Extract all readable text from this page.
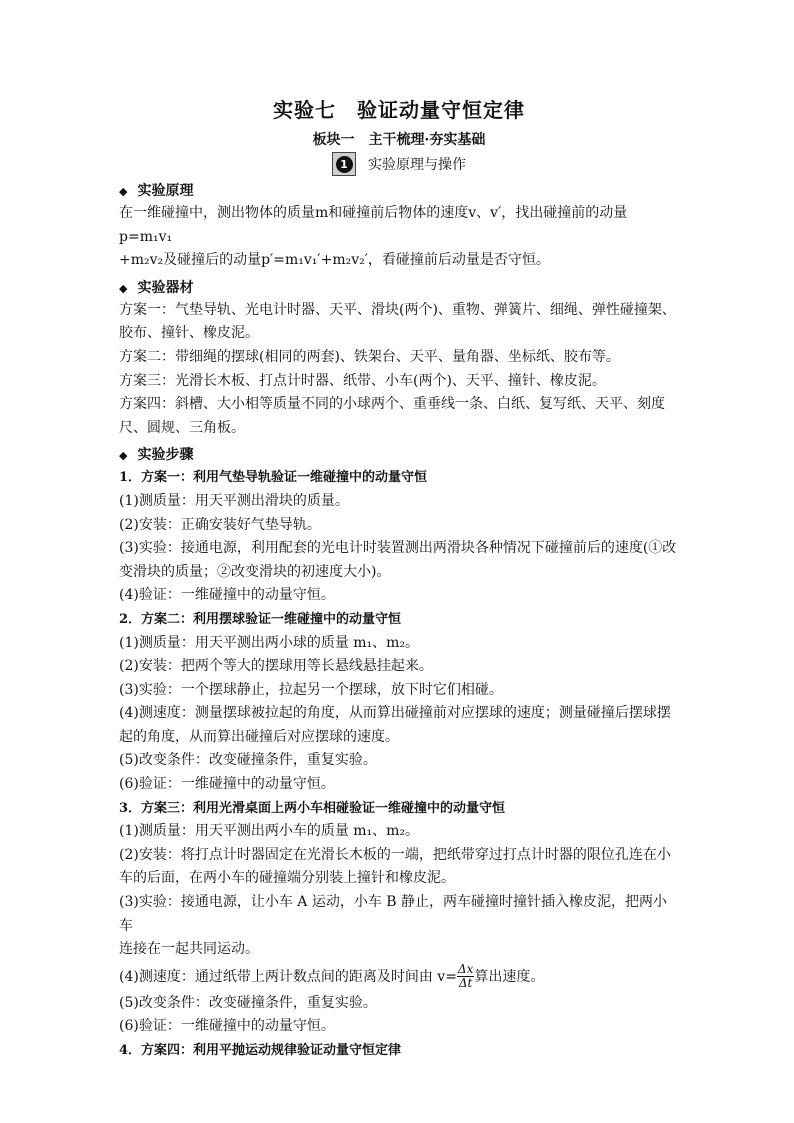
实验七　验证动量守恒定律
板块一　主干梳理·夯实基础
1	实验原理与操作
◆ 实验原理

在一维碰撞中，测出物体的质量m和碰撞前后物体的速度v、v′，找出碰撞前的动量p=m₁v₁

+m₂v₂及碰撞后的动量p′=m₁v₁′+m₂v₂′，看碰撞前后动量是否守恒。

◆ 实验器材

方案一：气垫导轨、光电计时器、天平、滑块(两个)、重物、弹簧片、细绳、弹性碰撞架、

胶布、撞针、橡皮泥。

方案二：带细绳的摆球(相同的两套)、铁架台、天平、量角器、坐标纸、胶布等。

方案三：光滑长木板、打点计时器、纸带、小车(两个)、天平、撞针、橡皮泥。

方案四：斜槽、大小相等质量不同的小球两个、重垂线一条、白纸、复写纸、天平、刻度

尺、圆规、三角板。

◆ 实验步骤

1．方案一：利用气垫导轨验证一维碰撞中的动量守恒

(1)测质量：用天平测出滑块的质量。

(2)安装：正确安装好气垫导轨。

(3)实验：接通电源，利用配套的光电计时装置测出两滑块各种情况下碰撞前后的速度(①改

变滑块的质量；②改变滑块的初速度大小)。

(4)验证：一维碰撞中的动量守恒。

2．方案二：利用摆球验证一维碰撞中的动量守恒

(1)测质量：用天平测出两小球的质量 m₁、m₂。

(2)安装：把两个等大的摆球用等长悬线悬挂起来。

(3)实验：一个摆球静止，拉起另一个摆球，放下时它们相碰。

(4)测速度：测量摆球被拉起的角度，从而算出碰撞前对应摆球的速度；测量碰撞后摆球摆

起的角度，从而算出碰撞后对应摆球的速度。

(5)改变条件：改变碰撞条件，重复实验。

(6)验证：一维碰撞中的动量守恒。

3．方案三：利用光滑桌面上两小车相碰验证一维碰撞中的动量守恒

(1)测质量：用天平测出两小车的质量 m₁、m₂。

(2)安装：将打点计时器固定在光滑长木板的一端，把纸带穿过打点计时器的限位孔连在小

车的后面，在两小车的碰撞端分别装上撞针和橡皮泥。

(3)实验：接通电源，让小车 A 运动，小车 B 静止，两车碰撞时撞针插入橡皮泥，把两小车

连接在一起共同运动。

(4)测速度：通过纸带上两计数点间的距离及时间由 $v= \frac{\Delta x}{\Delta t}$ 算出速度。

(5)改变条件：改变碰撞条件，重复实验。

(6)验证：一维碰撞中的动量守恒。

4．方案四：利用平抛运动规律验证动量守恒定律
